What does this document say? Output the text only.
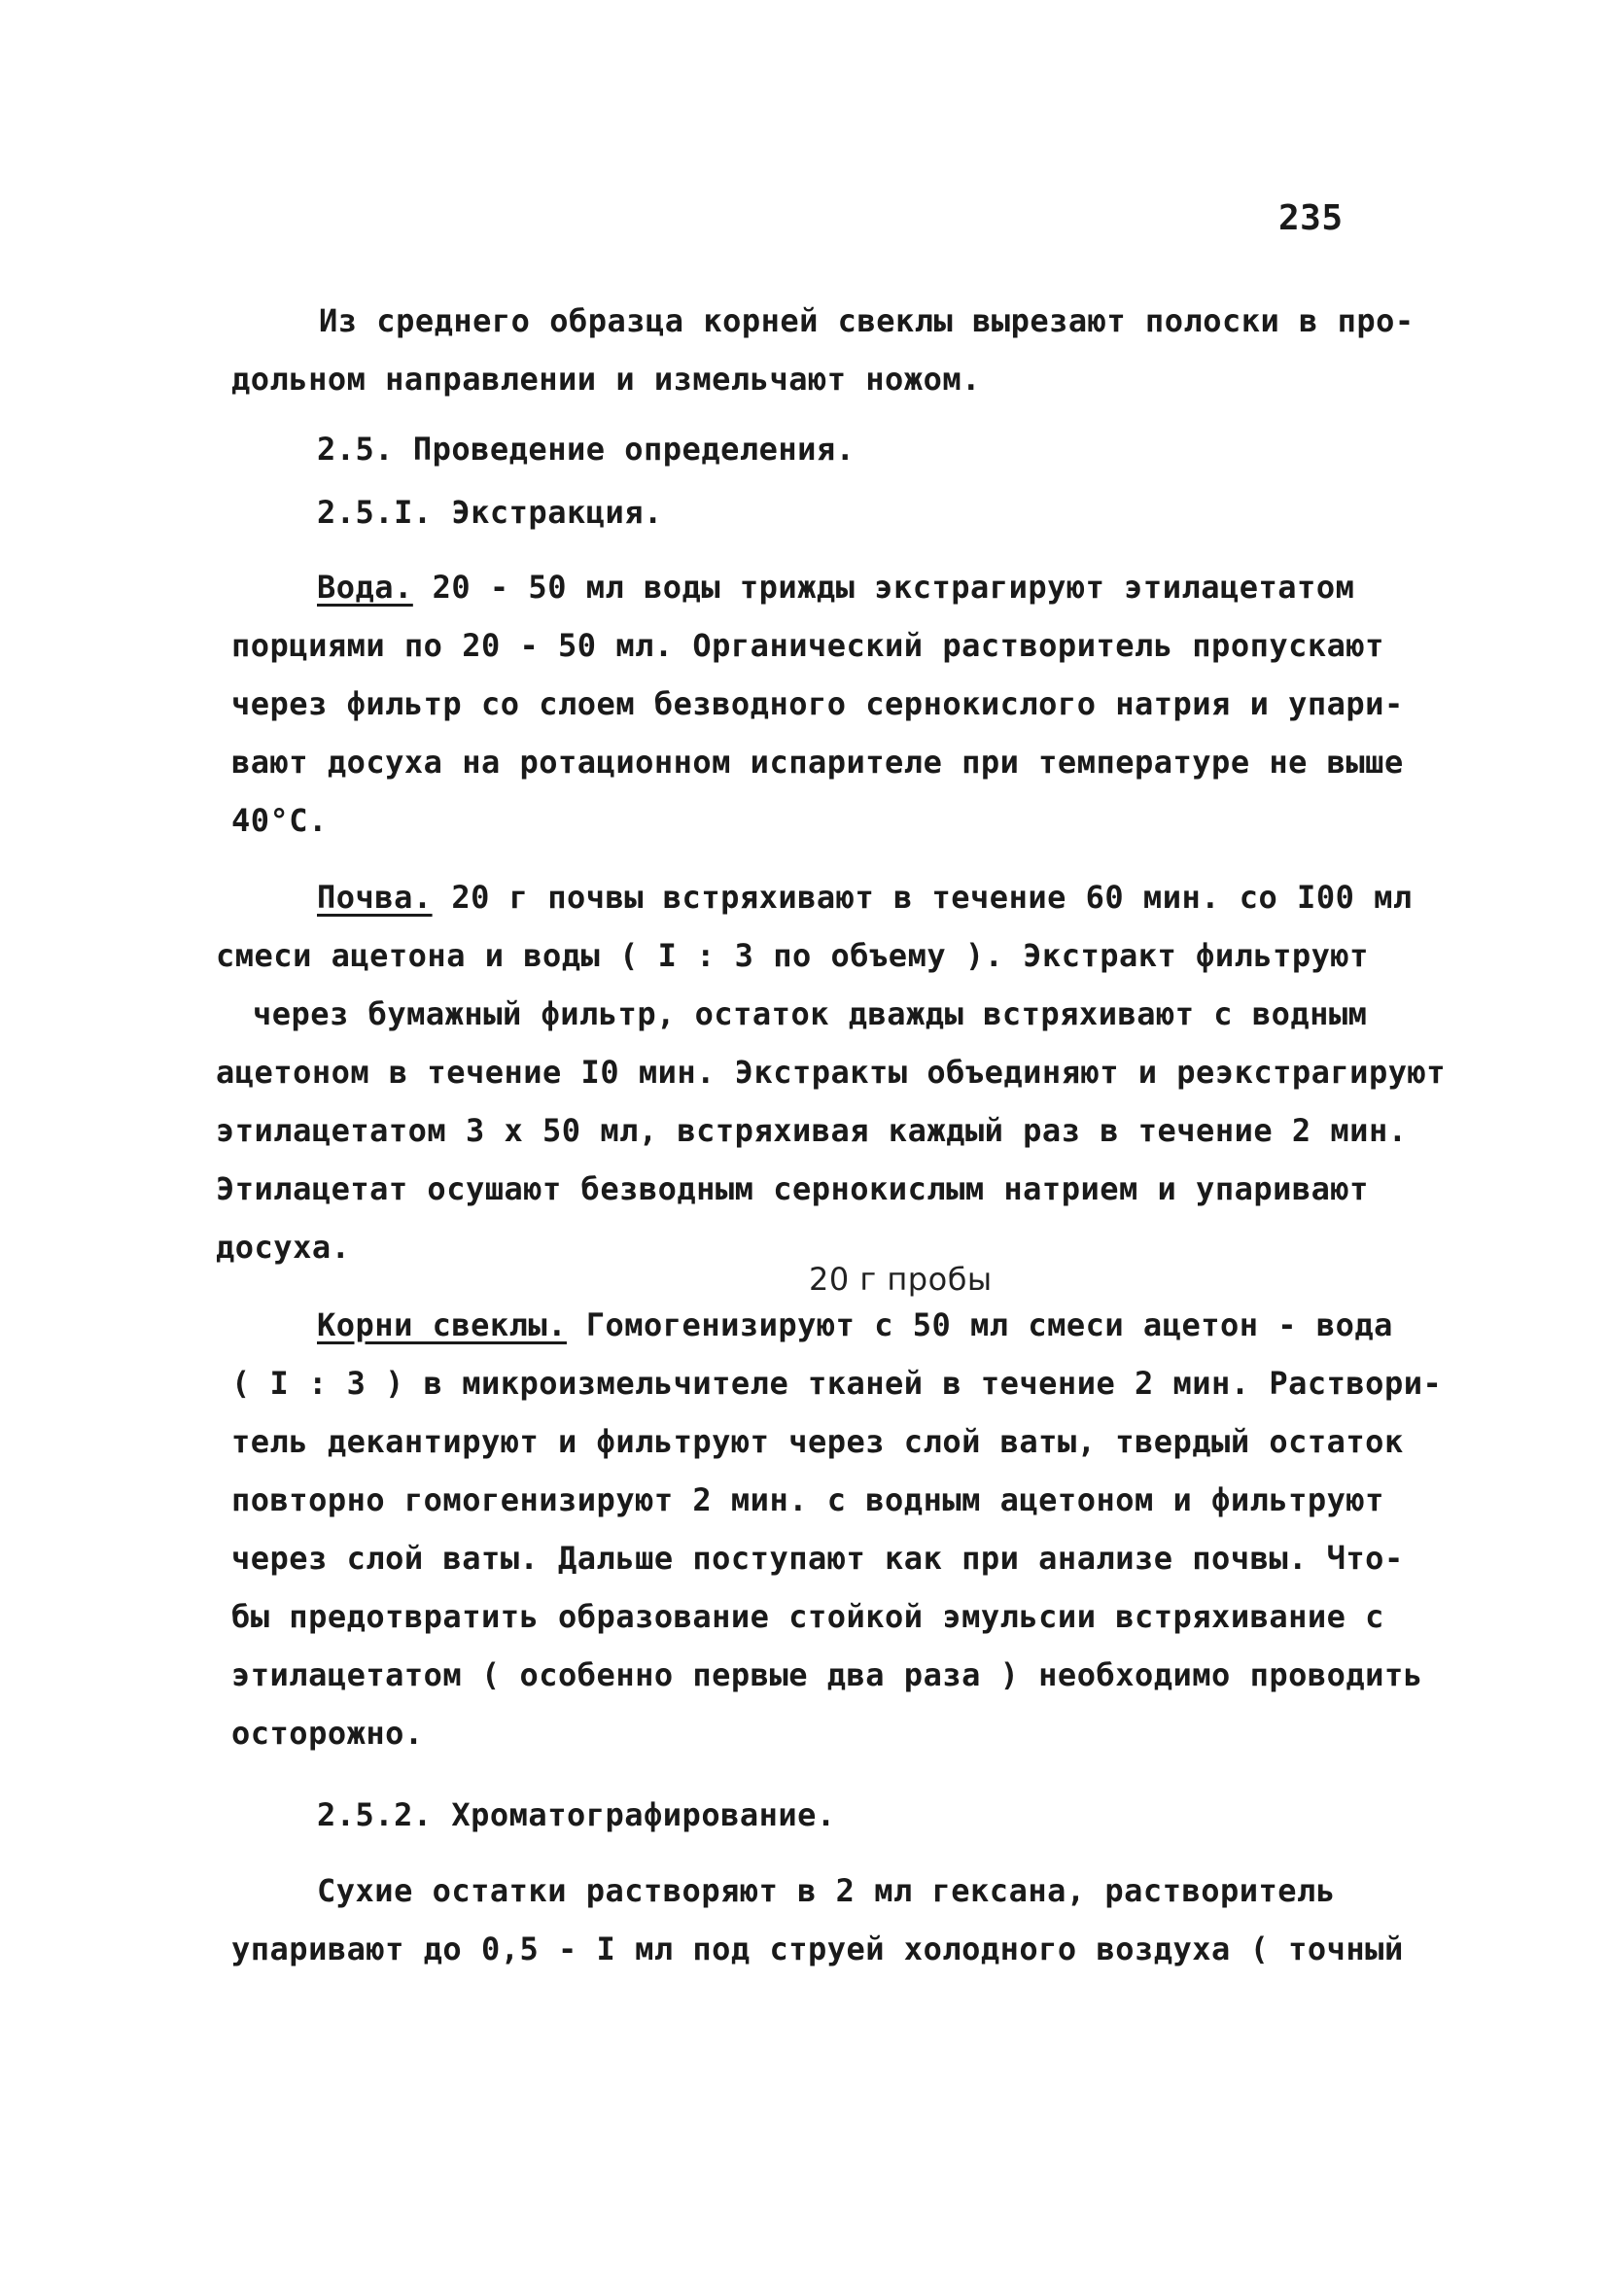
235
Из среднего образца корней свеклы вырезают полоски в про-
дольном направлении и измельчают ножом.
2.5. Проведение определения.
2.5.I. Экстракция.
Вода. 20 - 50 мл воды трижды экстрагируют этилацетатом
порциями по 20 - 50 мл. Органический растворитель пропускают
через фильтр со слоем безводного сернокислого натрия и упари-
вают досуха на ротационном испарителе при температуре не выше
40°С.
Почва. 20 г почвы встряхивают в течение 60 мин. со I00 мл
смеси ацетона и воды ( I : 3 по объему ). Экстракт фильтруют
через бумажный фильтр, остаток дважды встряхивают с водным
ацетоном в течение I0 мин. Экстракты объединяют и реэкстрагируют
этилацетатом 3 х 50 мл, встряхивая каждый раз в течение 2 мин.
Этилацетат осушают безводным сернокислым натрием и упаривают
досуха.
20 г пробы
Корни свеклы. Гомогенизируют с 50 мл смеси ацетон - вода
( I : 3 ) в микроизмельчителе тканей в течение 2 мин. Раствори-
тель декантируют и фильтруют через слой ваты, твердый остаток
повторно гомогенизируют 2 мин. с водным ацетоном и фильтруют
через слой ваты. Дальше поступают как при анализе почвы. Что-
бы предотвратить образование стойкой эмульсии встряхивание с
этилацетатом ( особенно первые два раза ) необходимо проводить
осторожно.
2.5.2. Хроматографирование.
Сухие остатки растворяют в 2 мл гексана, растворитель
упаривают до 0,5 - I мл под струей холодного воздуха ( точный
